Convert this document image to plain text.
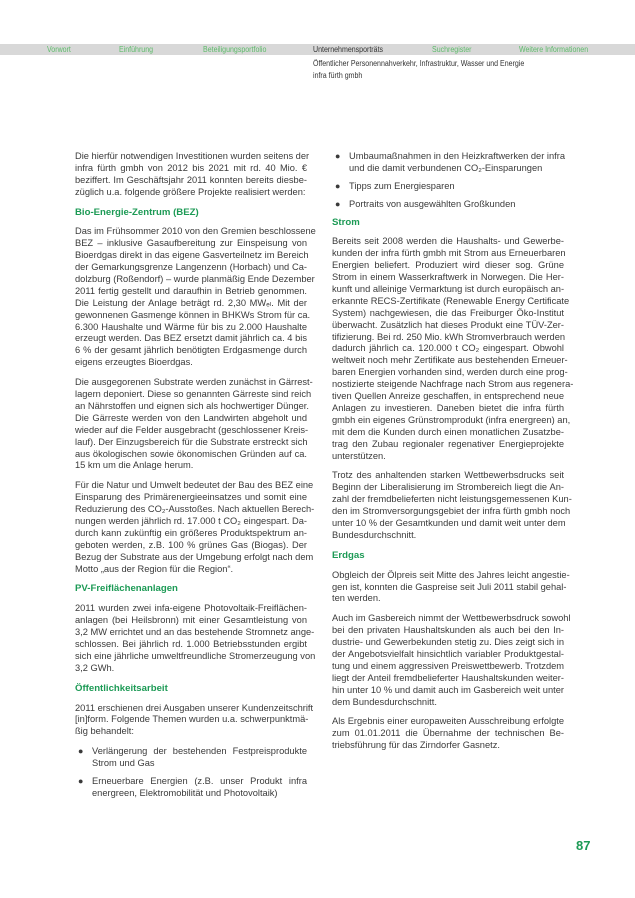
Vorwort	Einführung	Beteiligungsportfolio	Unternehmensporträts	Suchregister	Weitere Informationen
Öffentlicher Personennahverkehr, Infrastruktur, Wasser und Energie
infra fürth gmbh
Die hierfür notwendigen Investitionen wurden seitens der
infra fürth gmbh von 2012 bis 2021 mit rd. 40 Mio. €
beziffert. Im Geschäftsjahr 2011 konnten bereits diesbe-
züglich u.a. folgende größere Projekte realisiert werden:
Bio-Energie-Zentrum (BEZ)
Das im Frühsommer 2010 von den Gremien beschlossene
BEZ – inklusive Gasaufbereitung zur Einspeisung von
Bioerdgas direkt in das eigene Gasverteilnetz im Bereich
der Gemarkungsgrenze Langenzenn (Horbach) und Ca-
dolzburg (Roßendorf) – wurde planmäßig Ende Dezember
2011 fertig gestellt und daraufhin in Betrieb genommen.
Die Leistung der Anlage beträgt rd. 2,30 MWₑₗ. Mit der
gewonnenen Gasmenge können in BHKWs Strom für ca.
6.300 Haushalte und Wärme für bis zu 2.000 Haushalte
erzeugt werden. Das BEZ ersetzt damit jährlich ca. 4 bis
6 % der gesamt jährlich benötigten Erdgasmenge durch
eigens erzeugtes Bioerdgas.
Die ausgegorenen Substrate werden zunächst in Gärrest-
lagern deponiert. Diese so genannten Gärreste sind reich
an Nährstoffen und eignen sich als hochwertiger Dünger.
Die Gärreste werden von den Landwirten abgeholt und
wieder auf die Felder ausgebracht (geschlossener Kreis-
lauf). Der Einzugsbereich für die Substrate erstreckt sich
aus ökologischen sowie ökonomischen Gründen auf ca.
15 km um die Anlage herum.
Für die Natur und Umwelt bedeutet der Bau des BEZ eine
Einsparung des Primärenergieeinsatzes und somit eine
Reduzierung des CO₂-Ausstoßes. Nach aktuellen Berech-
nungen werden jährlich rd. 17.000 t CO₂ eingespart. Da-
durch kann zukünftig ein größeres Produktspektrum an-
geboten werden, z.B. 100 % grünes Gas (Biogas). Der
Bezug der Substrate aus der Umgebung erfolgt nach dem
Motto „aus der Region für die Region“.
PV-Freiflächenanlagen
2011 wurden zwei infa-eigene Photovoltaik-Freiflächen-
anlagen (bei Heilsbronn) mit einer Gesamtleistung von
3,2 MW errichtet und an das bestehende Stromnetz ange-
schlossen. Bei jährlich rd. 1.000 Betriebsstunden ergibt
sich eine jährliche umweltfreundliche Stromerzeugung von
3,2 GWh.
Öffentlichkeitsarbeit
2011 erschienen drei Ausgaben unserer Kundenzeitschrift
[in]form. Folgende Themen wurden u.a. schwerpunktmä-
ßig behandelt:
● Verlängerung der bestehenden Festpreisprodukte
Strom und Gas
● Erneuerbare Energien (z.B. unser Produkt infra
energreen, Elektromobilität und Photovoltaik)
● Umbaumaßnahmen in den Heizkraftwerken der infra
und die damit verbundenen CO₂-Einsparungen
● Tipps zum Energiesparen
● Portraits von ausgewählten Großkunden
Strom
Bereits seit 2008 werden die Haushalts- und Gewerbe-
kunden der infra fürth gmbh mit Strom aus Erneuerbaren
Energien beliefert. Produziert wird dieser sog. Grüne
Strom in einem Wasserkraftwerk in Norwegen. Die Her-
kunft und alleinige Vermarktung ist durch europäisch an-
erkannte RECS-Zertifikate (Renewable Energy Certificate
System) nachgewiesen, die das Freiburger Öko-Institut
überwacht. Zusätzlich hat dieses Produkt eine TÜV-Zer-
tifizierung. Bei rd. 250 Mio. kWh Stromverbrauch werden
dadurch jährlich ca. 120.000 t CO₂ eingespart. Obwohl
weltweit noch mehr Zertifikate aus bestehenden Erneuer-
baren Energien vorhanden sind, werden durch eine prog-
nostizierte steigende Nachfrage nach Strom aus regenera-
tiven Quellen Anreize geschaffen, in entsprechend neue
Anlagen zu investieren. Daneben bietet die infra fürth
gmbh ein eigenes Grünstromprodukt (infra energreen) an,
mit dem die Kunden durch einen monatlichen Zusatzbe-
trag den Zubau regionaler regenativer Energieprojekte
unterstützen.
Trotz des anhaltenden starken Wettbewerbsdrucks seit
Beginn der Liberalisierung im Strombereich liegt die An-
zahl der fremdbelieferten nicht leistungsgemessenen Kun-
den im Stromversorgungsgebiet der infra fürth gmbh noch
unter 10 % der Gesamtkunden und damit weit unter dem
Bundesdurchschnitt.
Erdgas
Obgleich der Ölpreis seit Mitte des Jahres leicht angestie-
gen ist, konnten die Gaspreise seit Juli 2011 stabil gehal-
ten werden.
Auch im Gasbereich nimmt der Wettbewerbsdruck sowohl
bei den privaten Haushaltskunden als auch bei den In-
dustrie- und Gewerbekunden stetig zu. Dies zeigt sich in
der Angebotsvielfalt hinsichtlich variabler Produktgestal-
tung und einem aggressiven Preiswettbewerb. Trotzdem
liegt der Anteil fremdbelieferter Haushaltskunden weiter-
hin unter 10 % und damit auch im Gasbereich weit unter
dem Bundesdurchschnitt.
Als Ergebnis einer europaweiten Ausschreibung erfolgte
zum 01.01.2011 die Übernahme der technischen Be-
triebsführung für das Zirndorfer Gasnetz.
87
